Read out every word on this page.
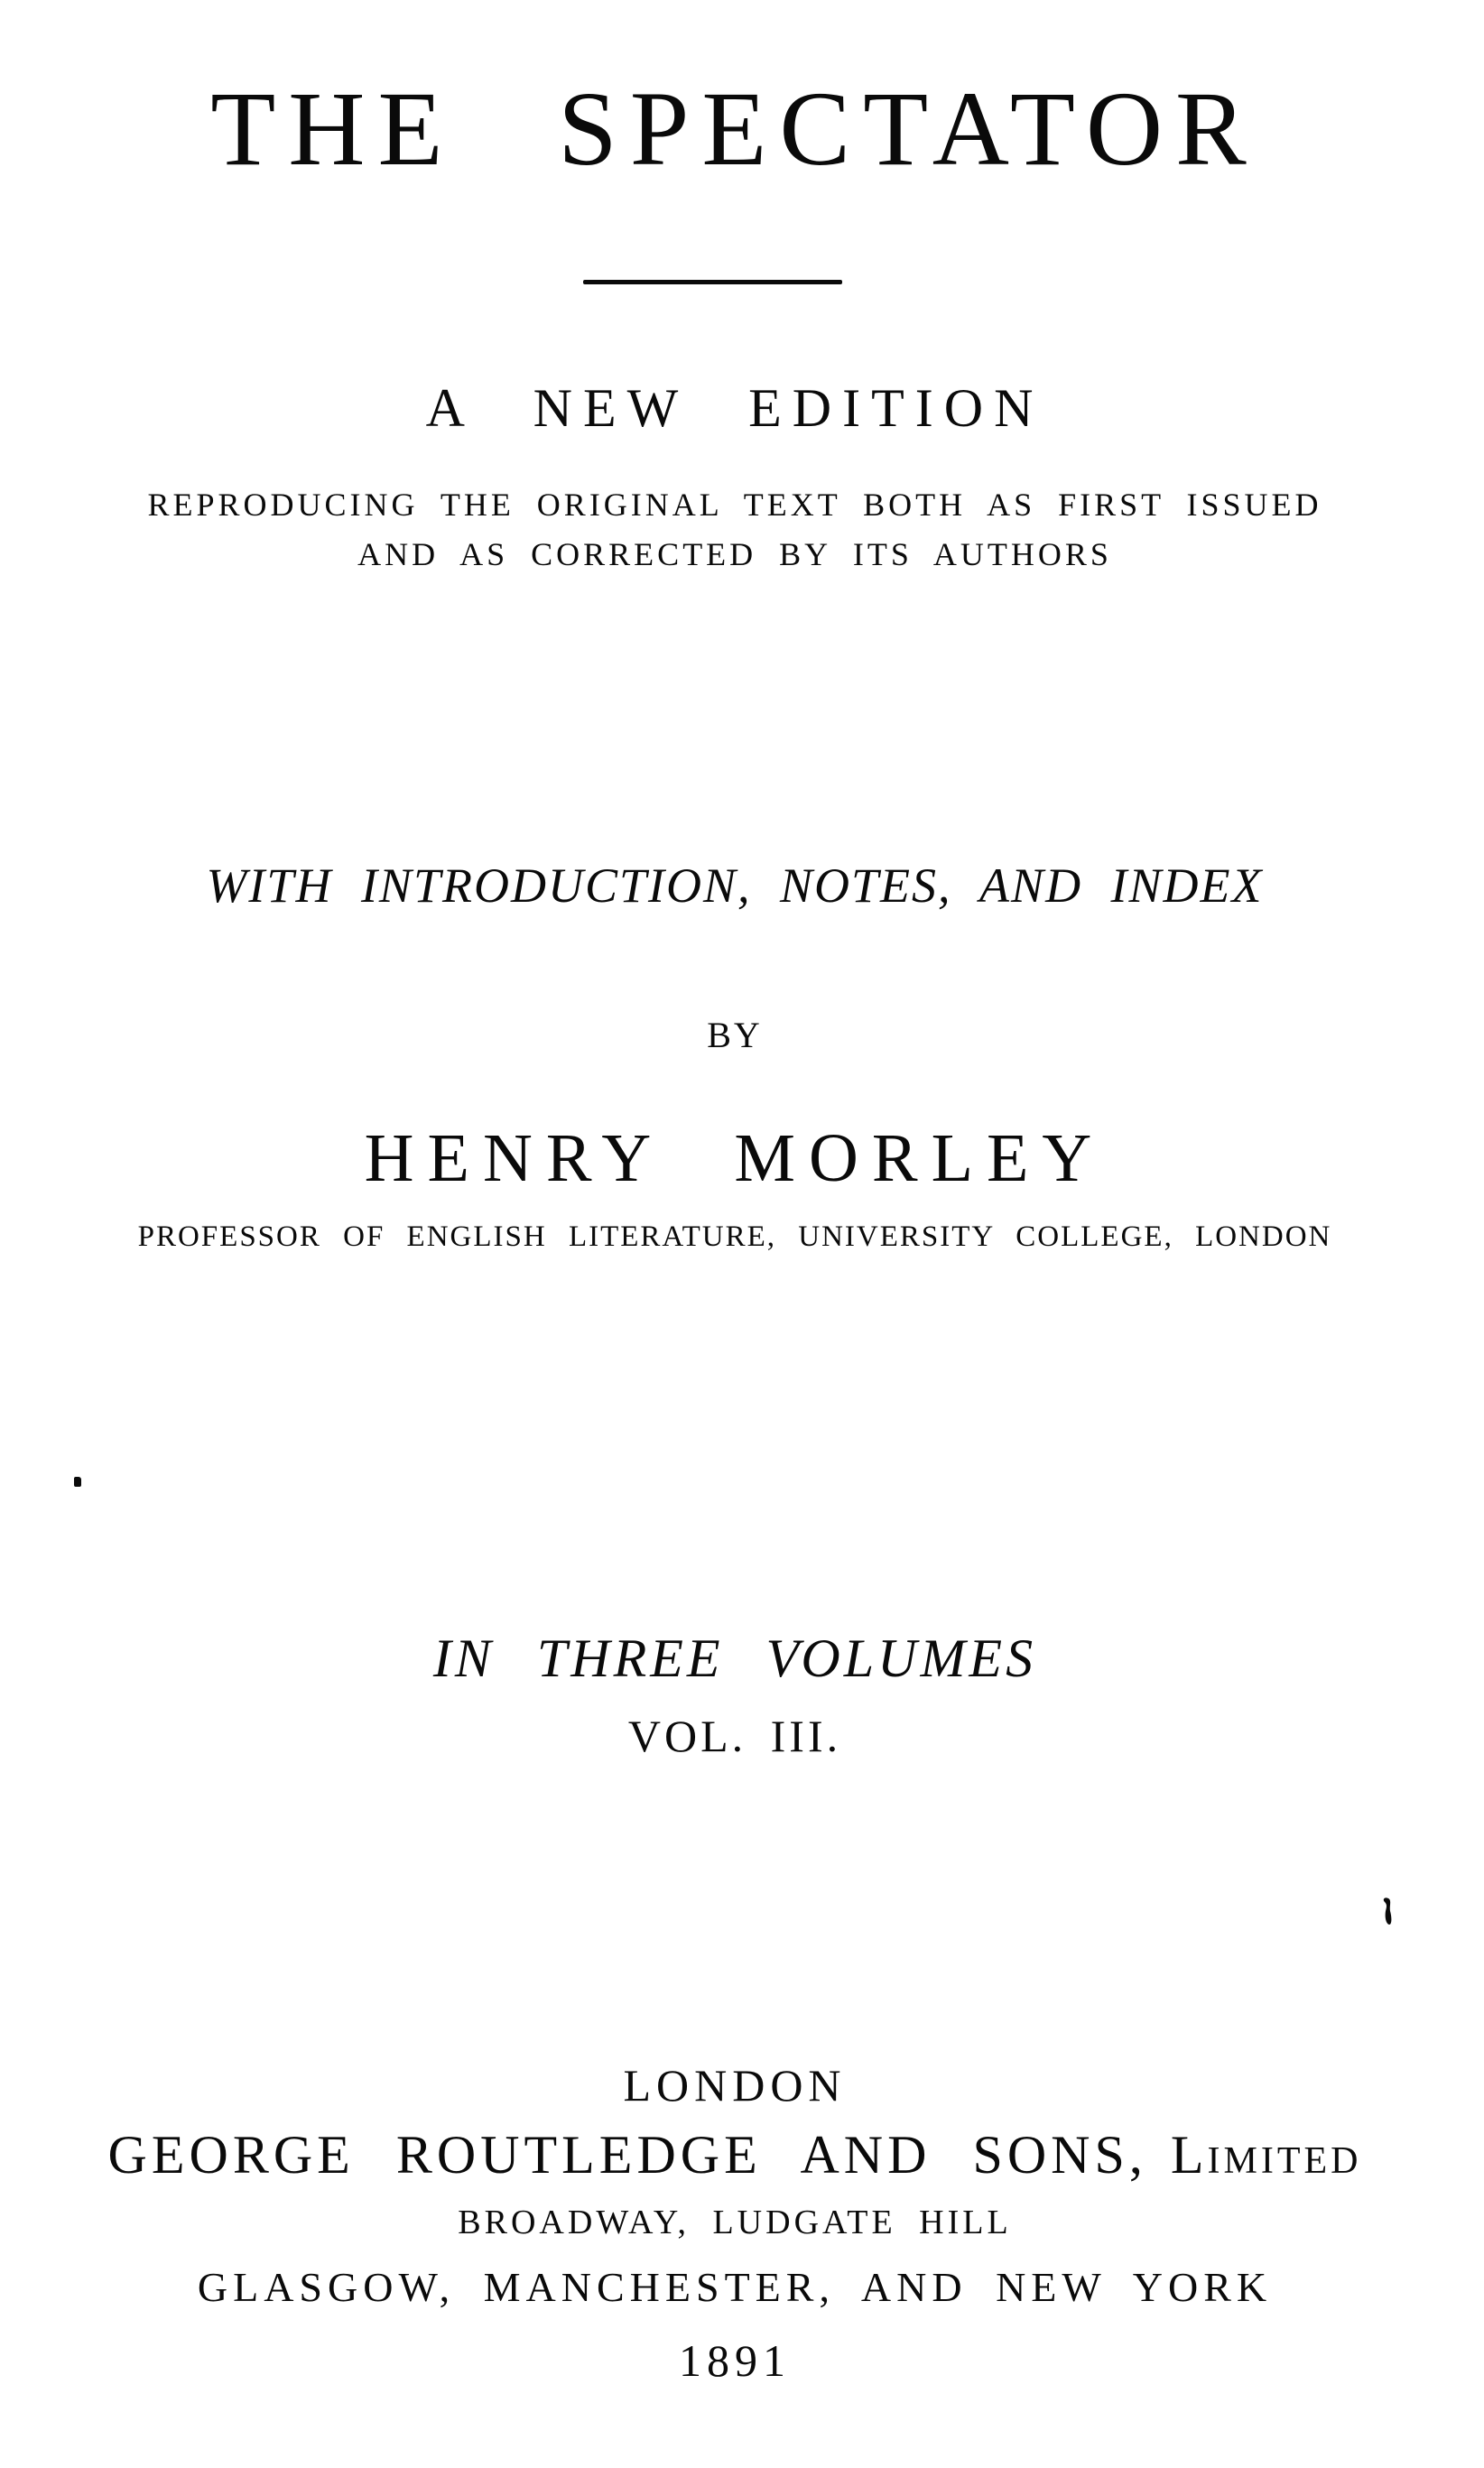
THE SPECTATOR
A NEW EDITION
REPRODUCING THE ORIGINAL TEXT BOTH AS FIRST ISSUED
AND AS CORRECTED BY ITS AUTHORS
WITH INTRODUCTION, NOTES, AND INDEX
BY
HENRY MORLEY
PROFESSOR OF ENGLISH LITERATURE, UNIVERSITY COLLEGE, LONDON
IN THREE VOLUMES
VOL. III.
LONDON
GEORGE ROUTLEDGE AND SONS, Limited
BROADWAY, LUDGATE HILL
GLASGOW, MANCHESTER, AND NEW YORK
1891
